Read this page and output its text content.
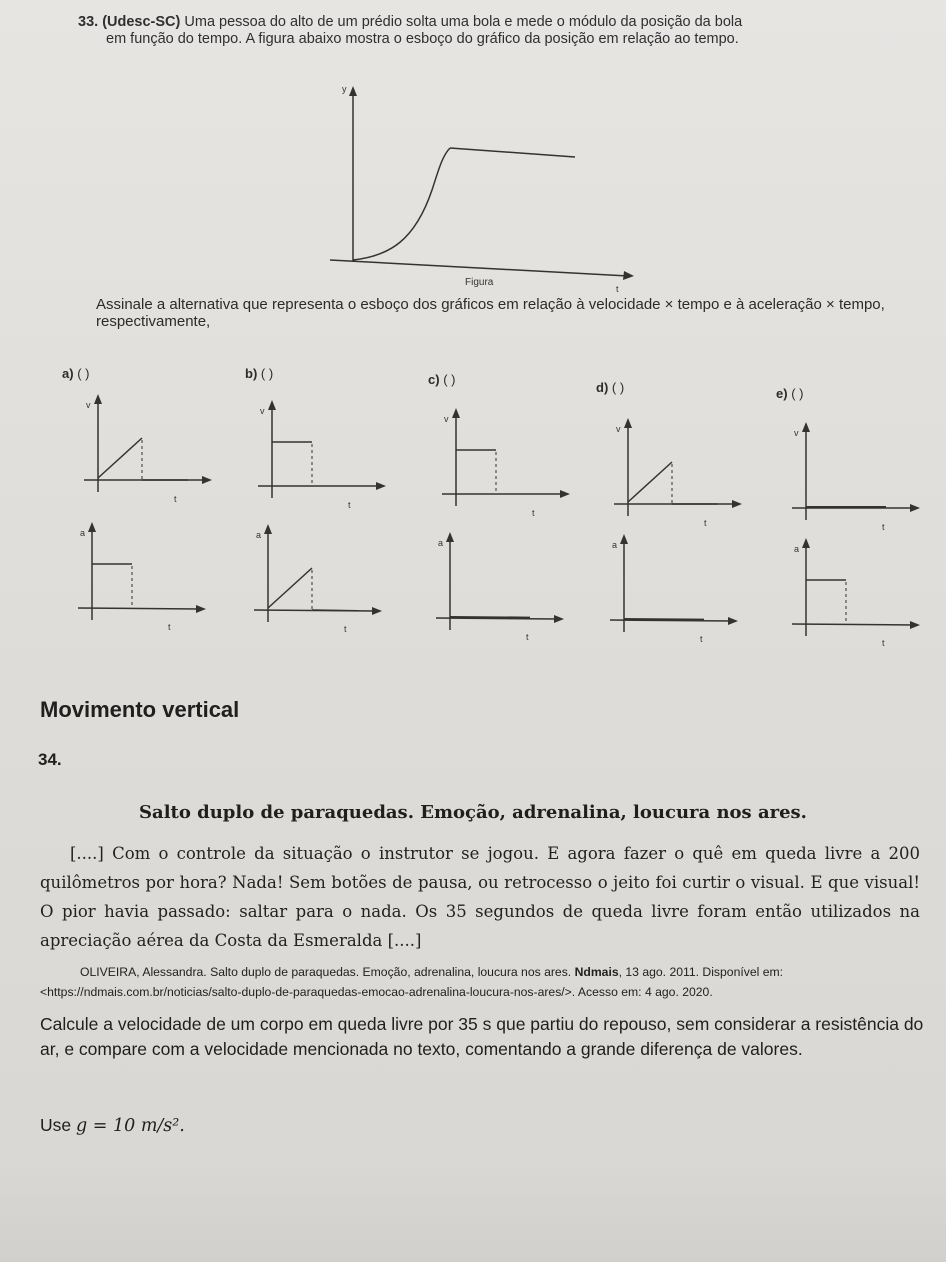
33. (Udesc-SC) Uma pessoa do alto de um prédio solta uma bola e mede o módulo da posição da bola
em função do tempo. A figura abaixo mostra o esboço do gráfico da posição em relação ao tempo.
y
t
Figura
Assinale a alternativa que representa o esboço dos gráficos em relação à velocidade × tempo e à aceleração × tempo, respectivamente,
a) ( )	b) ( )	c) ( )
d) ( )	e) ( )
v
t
a
t
v
t
a
t
v
t
a
t
v
t
a
t
v
t
a
t
Movimento vertical
34.
Salto duplo de paraquedas. Emoção, adrenalina, loucura nos ares.
[....] Com o controle da situação o instrutor se jogou. E agora fazer o quê em queda livre a 200 quilômetros por hora? Nada! Sem botões de pausa, ou retrocesso o jeito foi curtir o visual. E que visual! O pior havia passado: saltar para o nada. Os 35 segundos de queda livre foram então utilizados na apreciação aérea da Costa da Esmeralda [....]
OLIVEIRA, Alessandra. Salto duplo de paraquedas. Emoção, adrenalina, loucura nos ares. Ndmais, 13 ago. 2011. Disponível em:
<https://ndmais.com.br/noticias/salto-duplo-de-paraquedas-emocao-adrenalina-loucura-nos-ares/>. Acesso em: 4 ago. 2020.
Calcule a velocidade de um corpo em queda livre por 35 s que partiu do repouso, sem considerar a resistência do ar, e compare com a velocidade mencionada no texto, comentando a grande diferença de valores.
Use g = 10 m/s².
